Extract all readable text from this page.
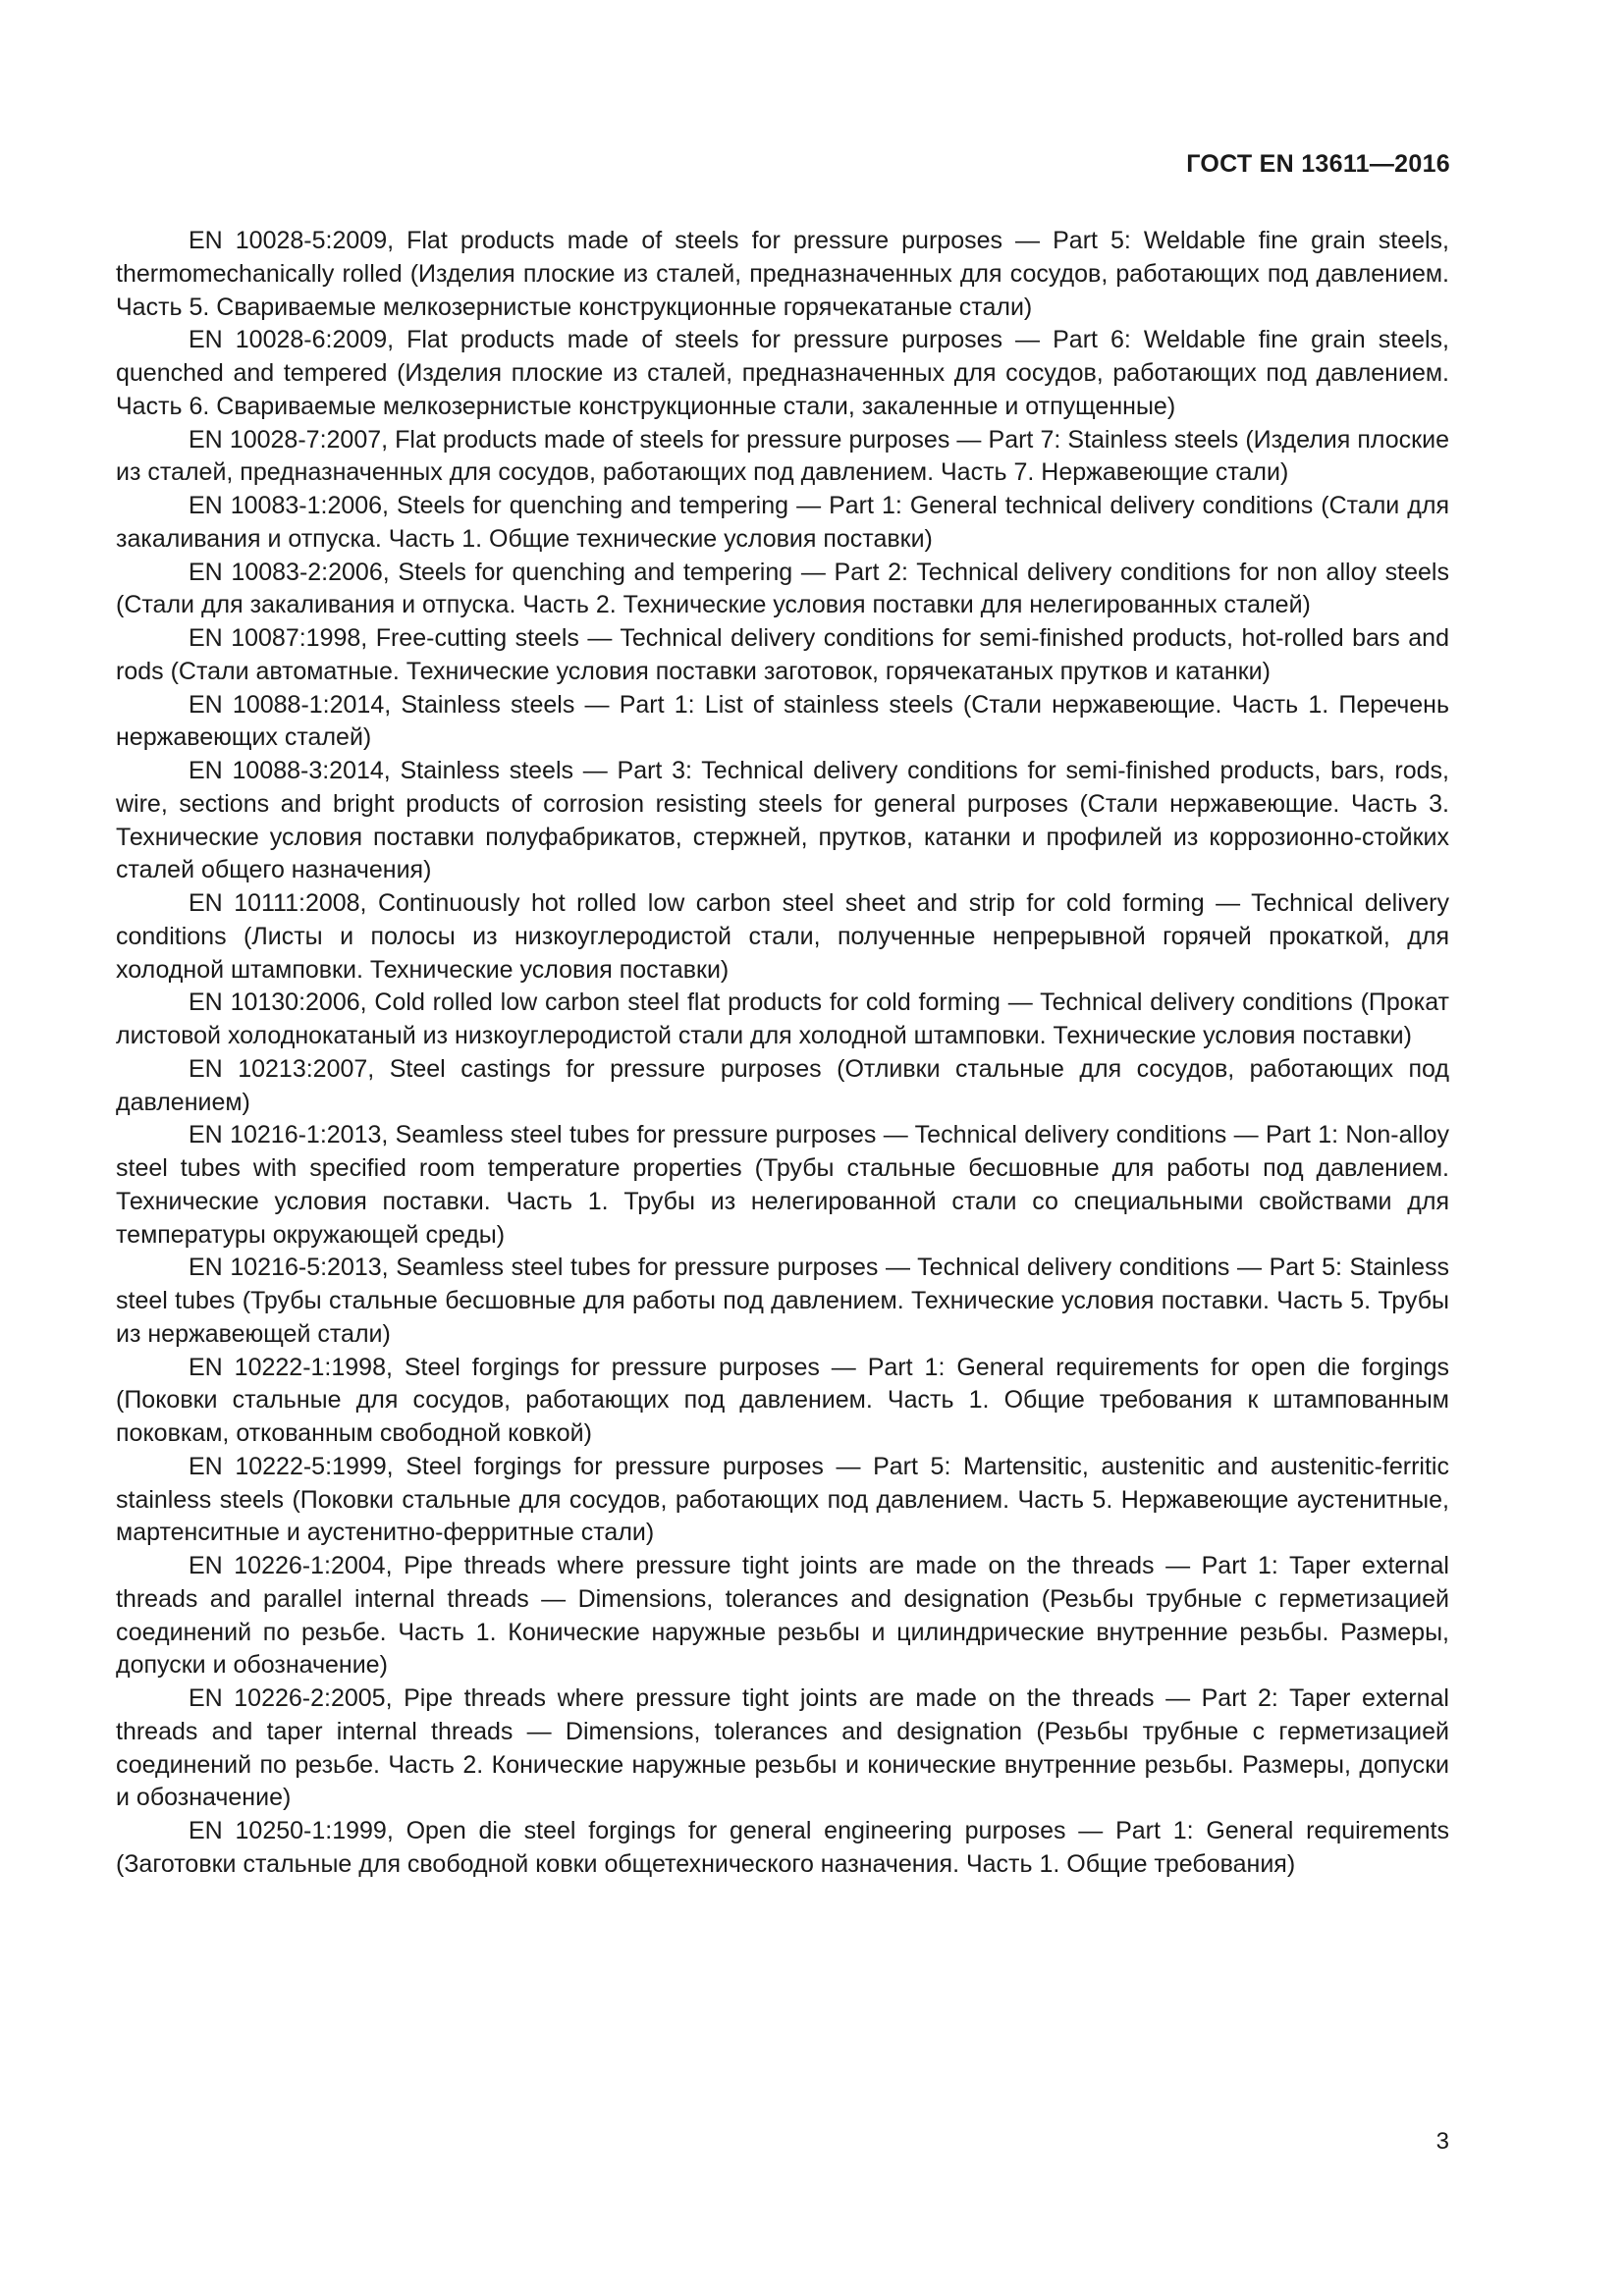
ГОСТ EN 13611—2016

EN 10028-5:2009, Flat products made of steels for pressure purposes — Part 5: Weldable fine grain steels, thermomechanically rolled (Изделия плоские из сталей, предназначенных для сосудов, работающих под давлением. Часть 5. Свариваемые мелкозернистые конструкционные горячекатаные стали)

EN 10028-6:2009, Flat products made of steels for pressure purposes — Part 6: Weldable fine grain steels, quenched and tempered (Изделия плоские из сталей, предназначенных для сосудов, работающих под давлением. Часть 6. Свариваемые мелкозернистые конструкционные стали, закаленные и отпущенные)

EN 10028-7:2007, Flat products made of steels for pressure purposes — Part 7: Stainless steels (Изделия плоские из сталей, предназначенных для сосудов, работающих под давлением. Часть 7. Нержавеющие стали)

EN 10083-1:2006, Steels for quenching and tempering — Part 1: General technical delivery conditions (Стали для закаливания и отпуска. Часть 1. Общие технические условия поставки)

EN 10083-2:2006, Steels for quenching and tempering — Part 2: Technical delivery conditions for non alloy steels (Стали для закаливания и отпуска. Часть 2. Технические условия поставки для нелегированных сталей)

EN 10087:1998, Free-cutting steels — Technical delivery conditions for semi-finished products, hot-rolled bars and rods (Стали автоматные. Технические условия поставки заготовок, горячекатаных прутков и катанки)

EN 10088-1:2014, Stainless steels — Part 1: List of stainless steels (Стали нержавеющие. Часть 1. Перечень нержавеющих сталей)

EN 10088-3:2014, Stainless steels — Part 3: Technical delivery conditions for semi-finished products, bars, rods, wire, sections and bright products of corrosion resisting steels for general purposes (Стали нержавеющие. Часть 3. Технические условия поставки полуфабрикатов, стержней, прутков, катанки и профилей из коррозионно-стойких сталей общего назначения)

EN 10111:2008, Continuously hot rolled low carbon steel sheet and strip for cold forming — Technical delivery conditions (Листы и полосы из низкоуглеродистой стали, полученные непрерывной горячей прокаткой, для холодной штамповки. Технические условия поставки)

EN 10130:2006, Cold rolled low carbon steel flat products for cold forming — Technical delivery conditions (Прокат листовой холоднокатаный из низкоуглеродистой стали для холодной штамповки. Технические условия поставки)

EN 10213:2007, Steel castings for pressure purposes (Отливки стальные для сосудов, работающих под давлением)

EN 10216-1:2013, Seamless steel tubes for pressure purposes — Technical delivery conditions — Part 1: Non-alloy steel tubes with specified room temperature properties (Трубы стальные бесшовные для работы под давлением. Технические условия поставки. Часть 1. Трубы из нелегированной стали со специальными свойствами для температуры окружающей среды)

EN 10216-5:2013, Seamless steel tubes for pressure purposes — Technical delivery conditions — Part 5: Stainless steel tubes (Трубы стальные бесшовные для работы под давлением. Технические условия поставки. Часть 5. Трубы из нержавеющей стали)

EN 10222-1:1998, Steel forgings for pressure purposes — Part 1: General requirements for open die forgings (Поковки стальные для сосудов, работающих под давлением. Часть 1. Общие требования к штампованным поковкам, откованным свободной ковкой)

EN 10222-5:1999, Steel forgings for pressure purposes — Part 5: Martensitic, austenitic and austenitic-ferritic stainless steels (Поковки стальные для сосудов, работающих под давлением. Часть 5. Нержавеющие аустенитные, мартенситные и аустенитно-ферритные стали)

EN 10226-1:2004, Pipe threads where pressure tight joints are made on the threads — Part 1: Taper external threads and parallel internal threads — Dimensions, tolerances and designation (Резьбы трубные с герметизацией соединений по резьбе. Часть 1. Конические наружные резьбы и цилиндрические внутренние резьбы. Размеры, допуски и обозначение)

EN 10226-2:2005, Pipe threads where pressure tight joints are made on the threads — Part 2: Taper external threads and taper internal threads — Dimensions, tolerances and designation (Резьбы трубные с герметизацией соединений по резьбе. Часть 2. Конические наружные резьбы и конические внутренние резьбы. Размеры, допуски и обозначение)

EN 10250-1:1999, Open die steel forgings for general engineering purposes — Part 1: General requirements (Заготовки стальные для свободной ковки общетехнического назначения. Часть 1. Общие требования)

3
